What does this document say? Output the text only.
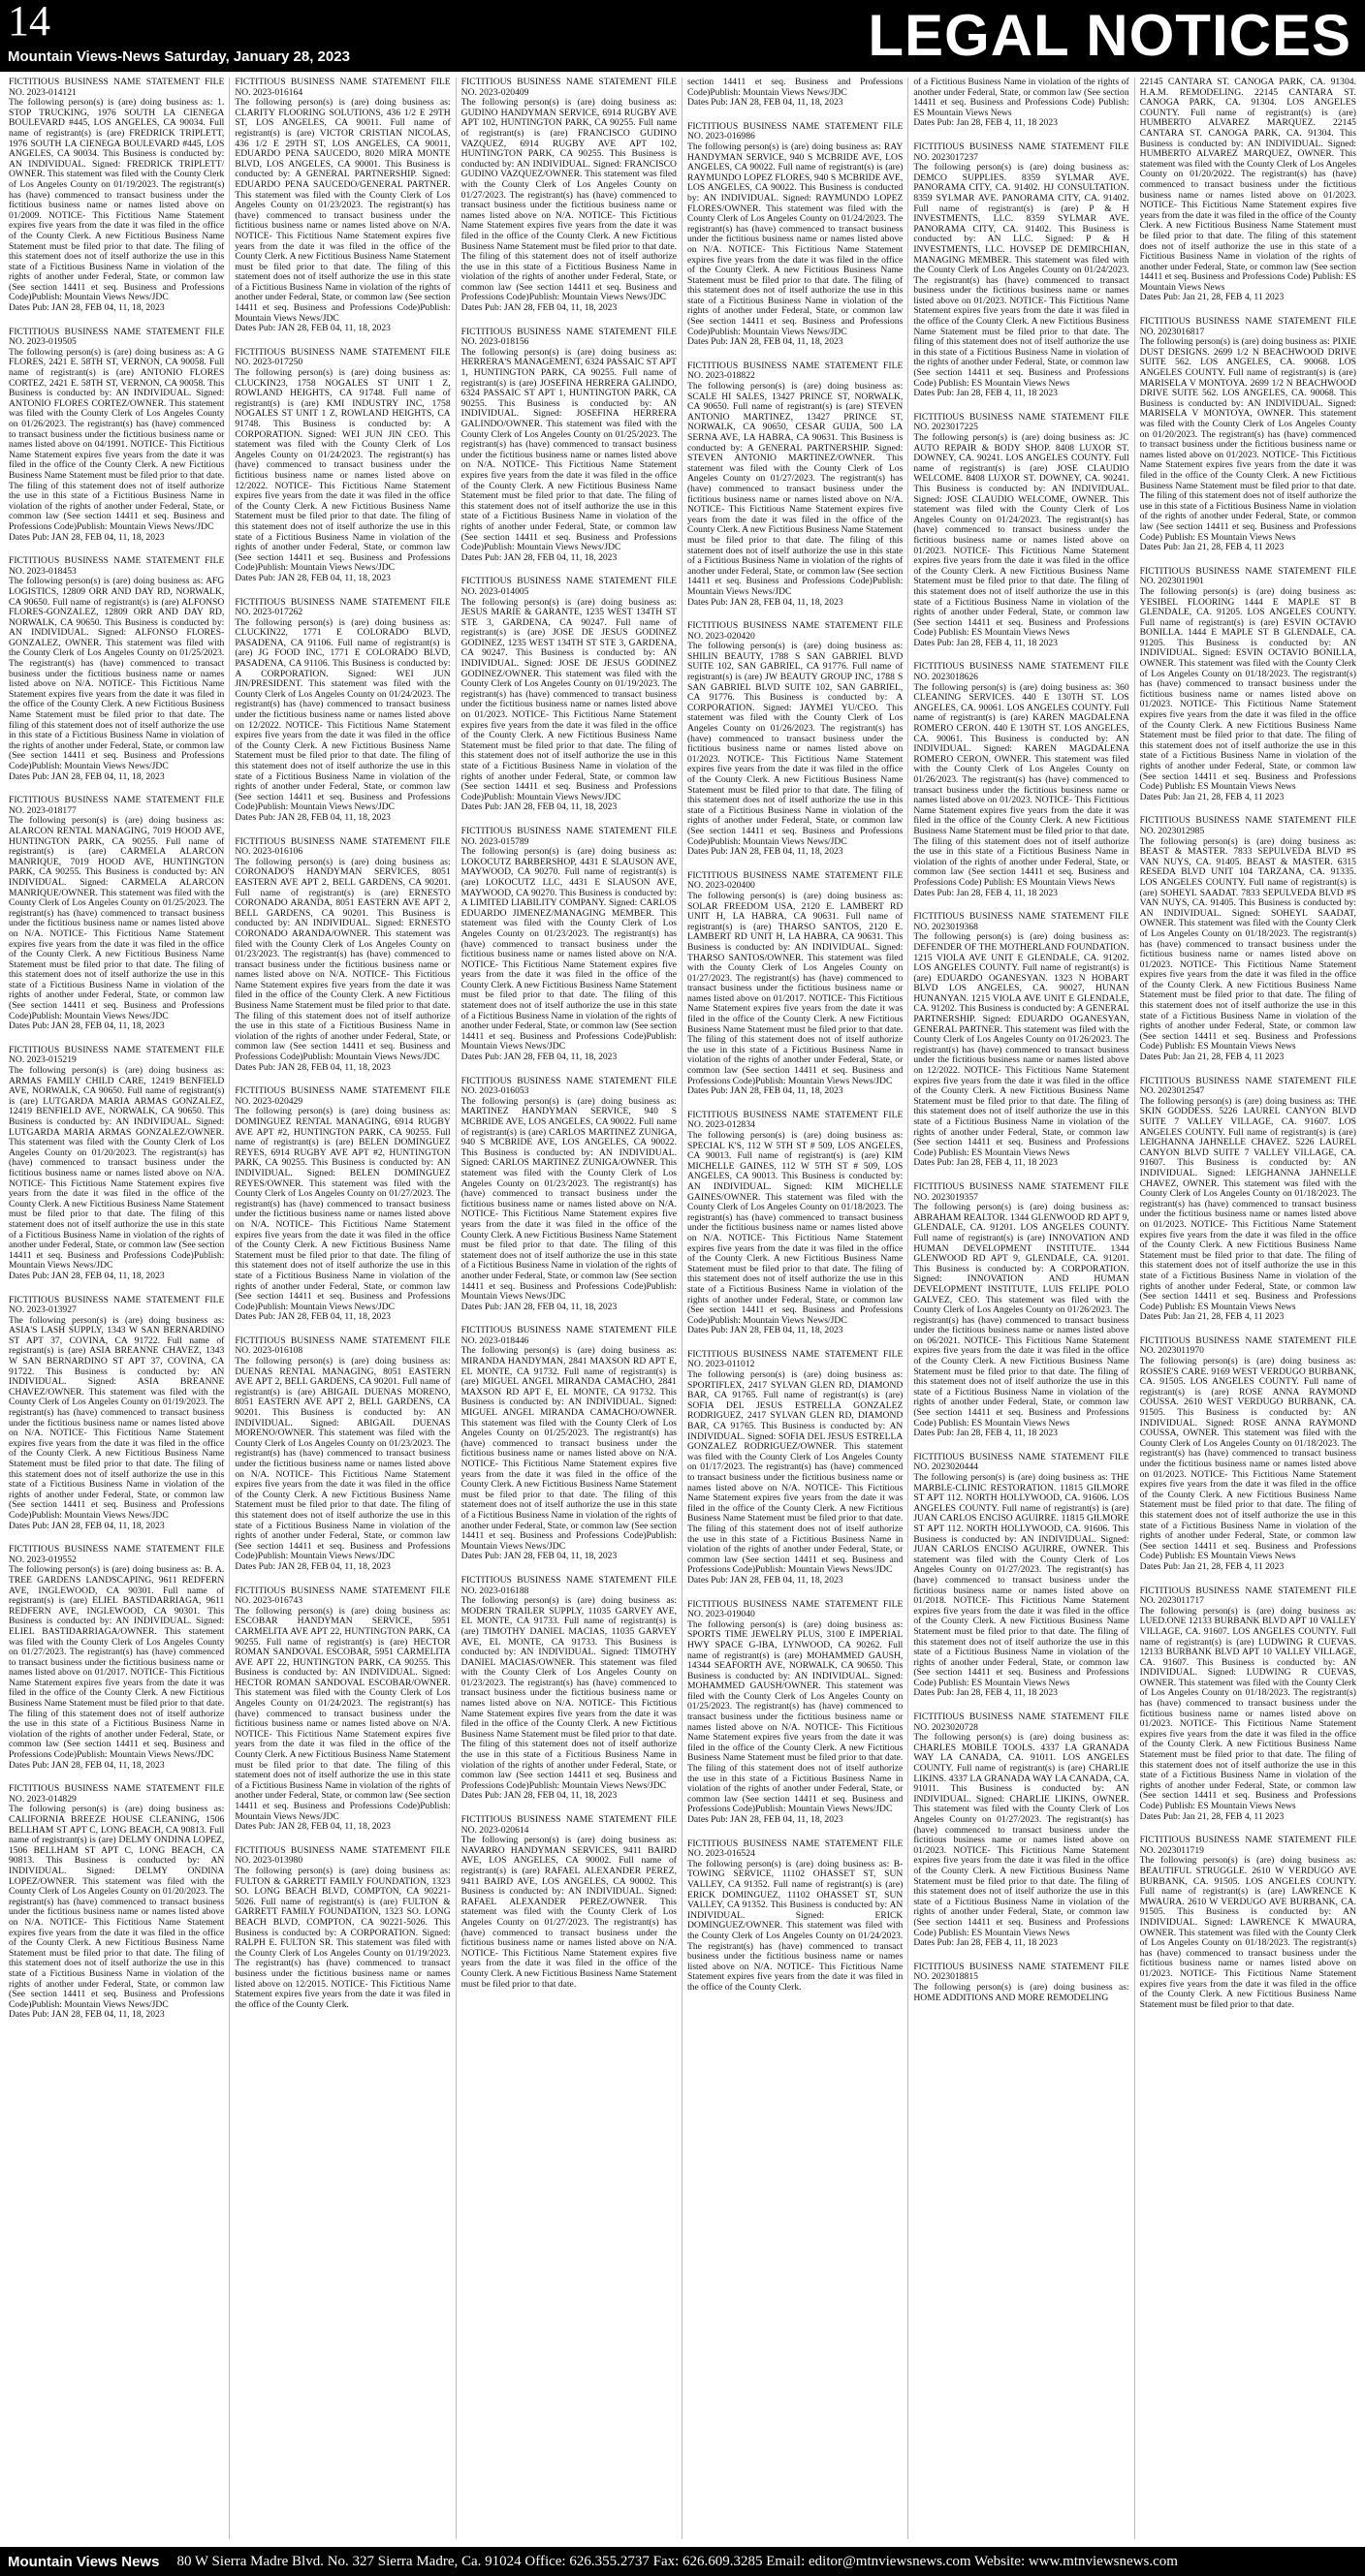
14
Mountain Views-News Saturday, January 28, 2023	LEGAL NOTICES
FICTITIOUS BUSINESS NAME STATEMENT FILE NO. 2023-014121

The following person(s) is (are) doing business as: 1. STOP TRUCKING, 1976 SOUTH LA CIENEGA BOULEVARD #445, LOS ANGELES, CA 90034. Full name of registrant(s) is (are) FREDRICK TRIPLETT, 1976 SOUTH LA CIENEGA BOULEVARD #445, LOS ANGELES, CA 90034. This Business is conducted by: AN INDIVIDUAL. Signed: FREDRICK TRIPLETT/ OWNER. This statement was filed with the County Clerk of Los Angeles County on 01/19/2023. The registrant(s) has (have) commenced to transact business under the fictitious business name or names listed above on 01/2009. NOTICE- This Fictitious Name Statement expires five years from the date it was filed in the office of the County Clerk. A new Fictitious Business Name Statement must be filed prior to that date. The filing of this statement does not of itself authorize the use in this state of a Fictitious Business Name in violation of the rights of another under Federal, State, or common law (See section 14411 et seq. Business and Professions Code)Publish: Mountain Views News/JDC

Dates Pub: JAN 28, FEB 04, 11, 18, 2023

FICTITIOUS BUSINESS NAME STATEMENT FILE NO. 2023-019505

The following person(s) is (are) doing business as: A G FLORES, 2421 E. 58TH ST, VERNON, CA 90058. Full name of registrant(s) is (are) ANTONIO FLORES CORTEZ, 2421 E. 58TH ST, VERNON, CA 90058. This Business is conducted by: AN INDIVIDUAL. Signed: ANTONIO FLORES CORTEZ/OWNER. This statement was filed with the County Clerk of Los Angeles County on 01/26/2023. The registrant(s) has (have) commenced to transact business under the fictitious business name or names listed above on 04/1991. NOTICE- This Fictitious Name Statement expires five years from the date it was filed in the office of the County Clerk. A new Fictitious Business Name Statement must be filed prior to that date. The filing of this statement does not of itself authorize the use in this state of a Fictitious Business Name in violation of the rights of another under Federal, State, or common law (See section 14411 et seq. Business and Professions Code)Publish: Mountain Views News/JDC

Dates Pub: JAN 28, FEB 04, 11, 18, 2023

FICTITIOUS BUSINESS NAME STATEMENT FILE NO. 2023-018453

The following person(s) is (are) doing business as: AFG LOGISTICS, 12809 ORR AND DAY RD, NORWALK, CA 90650. Full name of registrant(s) is (are) ALFONSO FLORES-GONZALEZ, 12809 ORR AND DAY RD, NORWALK, CA 90650. This Business is conducted by: AN INDIVIDUAL. Signed: ALFONSO FLORES-GONZALEZ, OWNER. This statement was filed with the County Clerk of Los Angeles County on 01/25/2023. The registrant(s) has (have) commenced to transact business under the fictitious business name or names listed above on N/A. NOTICE- This Fictitious Name Statement expires five years from the date it was filed in the office of the County Clerk. A new Fictitious Business Name Statement must be filed prior to that date. The filing of this statement does not of itself authorize the use in this state of a Fictitious Business Name in violation of the rights of another under Federal, State, or common law (See section 14411 et seq. Business and Professions Code)Publish: Mountain Views News/JDC

Dates Pub: JAN 28, FEB 04, 11, 18, 2023

FICTITIOUS BUSINESS NAME STATEMENT FILE NO. 2023-018177

The following person(s) is (are) doing business as: ALARCON RENTAL MANAGING, 7019 HOOD AVE, HUNTINGTON PARK, CA 90255. Full name of registrant(s) is (are) CARMELA ALARCON MANRIQUE, 7019 HOOD AVE, HUNTINGTON PARK, CA 90255. This Business is conducted by: AN INDIVIDUAL. Signed: CARMELA ALARCON MANRIQUE/OWNER. This statement was filed with the County Clerk of Los Angeles County on 01/25/2023. The registrant(s) has (have) commenced to transact business under the fictitious business name or names listed above on N/A. NOTICE- This Fictitious Name Statement expires five years from the date it was filed in the office of the County Clerk. A new Fictitious Business Name Statement must be filed prior to that date. The filing of this statement does not of itself authorize the use in this state of a Fictitious Business Name in violation of the rights of another under Federal, State, or common law (See section 14411 et seq. Business and Professions Code)Publish: Mountain Views News/JDC

Dates Pub: JAN 28, FEB 04, 11, 18, 2023

FICTITIOUS BUSINESS NAME STATEMENT FILE NO. 2023-015219

The following person(s) is (are) doing business as: ARMAS FAMILY CHILD CARE, 12419 BENFIELD AVE, NORWALK, CA 90650. Full name of registrant(s) is (are) LUTGARDA MARIA ARMAS GONZALEZ, 12419 BENFIELD AVE, NORWALK, CA 90650. This Business is conducted by: AN INDIVIDUAL. Signed: LUTGARDA MARIA ARMAS GONZALEZ/OWNER. This statement was filed with the County Clerk of Los Angeles County on 01/20/2023. The registrant(s) has (have) commenced to transact business under the fictitious business name or names listed above on N/A. NOTICE- This Fictitious Name Statement expires five years from the date it was filed in the office of the County Clerk. A new Fictitious Business Name Statement must be filed prior to that date. The filing of this statement does not of itself authorize the use in this state of a Fictitious Business Name in violation of the rights of another under Federal, State, or common law (See section 14411 et seq. Business and Professions Code)Publish: Mountain Views News/JDC

Dates Pub: JAN 28, FEB 04, 11, 18, 2023

FICTITIOUS BUSINESS NAME STATEMENT FILE NO. 2023-013927

The following person(s) is (are) doing business as: ASIA'S LASH SUPPLY, 1343 W SAN BERNARDINO ST APT 37, COVINA, CA 91722. Full name of registrant(s) is (are) ASIA BREANNE CHAVEZ, 1343 W SAN BERNARDINO ST APT 37, COVINA, CA 91722. This Business is conducted by: AN INDIVIDUAL. Signed: ASIA BREANNE CHAVEZ/OWNER. This statement was filed with the County Clerk of Los Angeles County on 01/19/2023. The registrant(s) has (have) commenced to transact business under the fictitious business name or names listed above on N/A. NOTICE- This Fictitious Name Statement expires five years from the date it was filed in the office of the County Clerk. A new Fictitious Business Name Statement must be filed prior to that date. The filing of this statement does not of itself authorize the use in this state of a Fictitious Business Name in violation of the rights of another under Federal, State, or common law (See section 14411 et seq. Business and Professions Code)Publish: Mountain Views News/JDC

Dates Pub: JAN 28, FEB 04, 11, 18, 2023

FICTITIOUS BUSINESS NAME STATEMENT FILE NO. 2023-019552

The following person(s) is (are) doing business as: B. A. TREE GARDENS LANDSCAPING, 9611 REDFERN AVE, INGLEWOOD, CA 90301. Full name of registrant(s) is (are) ELIEL BASTIDARRIAGA, 9611 REDFERN AVE, INGLEWOOD, CA 90301. This Business is conducted by: AN INDIVIDUAL. Signed: ELIEL BASTIDARRIAGA/OWNER. This statement was filed with the County Clerk of Los Angeles County on 01/27/2023. The registrant(s) has (have) commenced to transact business under the fictitious business name or names listed above on 01/2017. NOTICE- This Fictitious Name Statement expires five years from the date it was filed in the office of the County Clerk. A new Fictitious Business Name Statement must be filed prior to that date. The filing of this statement does not of itself authorize the use in this state of a Fictitious Business Name in violation of the rights of another under Federal, State, or common law (See section 14411 et seq. Business and Professions Code)Publish: Mountain Views News/JDC

Dates Pub: JAN 28, FEB 04, 11, 18, 2023

FICTITIOUS BUSINESS NAME STATEMENT FILE NO. 2023-014829

The following person(s) is (are) doing business as: CALIFORNIA BREEZE HOUSE CLEANING, 1506 BELLHAM ST APT C, LONG BEACH, CA 90813. Full name of registrant(s) is (are) DELMY ONDINA LOPEZ, 1506 BELLHAM ST APT C, LONG BEACH, CA 90813. This Business is conducted by: AN INDIVIDUAL. Signed: DELMY ONDINA LOPEZ/OWNER. This statement was filed with the County Clerk of Los Angeles County on 01/20/2023. The registrant(s) has (have) commenced to transact business under the fictitious business name or names listed above on N/A. NOTICE- This Fictitious Name Statement expires five years from the date it was filed in the office of the County Clerk. A new Fictitious Business Name Statement must be filed prior to that date. The filing of this statement does not of itself authorize the use in this state of a Fictitious Business Name in violation of the rights of another under Federal, State, or common law (See section 14411 et seq. Business and Professions Code)Publish: Mountain Views News/JDC

Dates Pub: JAN 28, FEB 04, 11, 18, 2023

FICTITIOUS BUSINESS NAME STATEMENT FILE NO. 2023-016164

The following person(s) is (are) doing business as: CLARITY FLOORING SOLUTIONS, 436 1/2 E 29TH ST, LOS ANGELES, CA 90011. Full name of registrant(s) is (are) VICTOR CRISTIAN NICOLAS, 436 1/2 E 29TH ST, LOS ANGELES, CA 90011, EDUARDO PENA SAUCEDO, 8020 MIRA MONTE BLVD, LOS ANGELES, CA 90001. This Business is conducted by: A GENERAL PARTNERSHIP. Signed: EDUARDO PENA SAUCEDO/GENERAL PARTNER. This statement was filed with the County Clerk of Los Angeles County on 01/23/2023. The registrant(s) has (have) commenced to transact business under the fictitious business name or names listed above on N/A. NOTICE- This Fictitious Name Statement expires five years from the date it was filed in the office of the County Clerk. A new Fictitious Business Name Statement must be filed prior to that date. The filing of this statement does not of itself authorize the use in this state of a Fictitious Business Name in violation of the rights of another under Federal, State, or common law (See section 14411 et seq. Business and Professions Code)Publish: Mountain Views News/JDC

Dates Pub: JAN 28, FEB 04, 11, 18, 2023

FICTITIOUS BUSINESS NAME STATEMENT FILE NO. 2023-017250

The following person(s) is (are) doing business as: CLUCKIN23, 1758 NOGALES ST UNIT 1 Z, ROWLAND HEIGHTS, CA 91748. Full name of registrant(s) is (are) KMI INDUSTRY INC, 1758 NOGALES ST UNIT 1 Z, ROWLAND HEIGHTS, CA 91748. This Business is conducted by: A CORPORATION. Signed: WEI JUN JIN CEO. This statement was filed with the County Clerk of Los Angeles County on 01/24/2023. The registrant(s) has (have) commenced to transact business under the fictitious business name or names listed above on 12/2022. NOTICE- This Fictitious Name Statement expires five years from the date it was filed in the office of the County Clerk. A new Fictitious Business Name Statement must be filed prior to that date. The filing of this statement does not of itself authorize the use in this state of a Fictitious Business Name in violation of the rights of another under Federal, State, or common law (See section 14411 et seq. Business and Professions Code)Publish: Mountain Views News/JDC

Dates Pub: JAN 28, FEB 04, 11, 18, 2023

FICTITIOUS BUSINESS NAME STATEMENT FILE NO. 2023-017262

The following person(s) is (are) doing business as: CLUCKIN22, 1771 E COLORADO BLVD, PASADENA, CA 91106. Full name of registrant(s) is (are) JG FOOD INC, 1771 E COLORADO BLVD, PASADENA, CA 91106. This Business is conducted by: A CORPORATION. Signed: WEI JUN JIN/PRESIDENT. This statement was filed with the County Clerk of Los Angeles County on 01/24/2023. The registrant(s) has (have) commenced to transact business under the fictitious business name or names listed above on 12/2022. NOTICE- This Fictitious Name Statement expires five years from the date it was filed in the office of the County Clerk. A new Fictitious Business Name Statement must be filed prior to that date. The filing of this statement does not of itself authorize the use in this state of a Fictitious Business Name in violation of the rights of another under Federal, State, or common law (See section 14411 et seq. Business and Professions Code)Publish: Mountain Views News/JDC

Dates Pub: JAN 28, FEB 04, 11, 18, 2023

FICTITIOUS BUSINESS NAME STATEMENT FILE NO. 2023-016106

The following person(s) is (are) doing business as: CORONADO'S HANDYMAN SERVICES, 8051 EASTERN AVE APT 2, BELL GARDENS, CA 90201. Full name of registrant(s) is (are) ERNESTO CORONADO ARANDA, 8051 EASTERN AVE APT 2, BELL GARDENS, CA 90201. This Business is conducted by: AN INDIVIDUAL. Signed: ERNESTO CORONADO ARANDA/OWNER. This statement was filed with the County Clerk of Los Angeles County on 01/23/2023. The registrant(s) has (have) commenced to transact business under the fictitious business name or names listed above on N/A. NOTICE- This Fictitious Name Statement expires five years from the date it was filed in the office of the County Clerk. A new Fictitious Business Name Statement must be filed prior to that date. The filing of this statement does not of itself authorize the use in this state of a Fictitious Business Name in violation of the rights of another under Federal, State, or common law (See section 14411 et seq. Business and Professions Code)Publish: Mountain Views News/JDC

Dates Pub: JAN 28, FEB 04, 11, 18, 2023

FICTITIOUS BUSINESS NAME STATEMENT FILE NO. 2023-020429

The following person(s) is (are) doing business as: DOMINGUEZ RENTAL MANAGING, 6914 RUGBY AVE APT #2, HUNTINGTON PARK, CA 90255. Full name of registrant(s) is (are) BELEN DOMINGUEZ REYES, 6914 RUGBY AVE APT #2, HUNTINGTON PARK, CA 90255. This Business is conducted by: AN INDIVIDUAL. Signed: BELEN DOMINGUEZ REYES/OWNER. This statement was filed with the County Clerk of Los Angeles County on 01/27/2023. The registrant(s) has (have) commenced to transact business under the fictitious business name or names listed above on N/A. NOTICE- This Fictitious Name Statement expires five years from the date it was filed in the office of the County Clerk. A new Fictitious Business Name Statement must be filed prior to that date. The filing of this statement does not of itself authorize the use in this state of a Fictitious Business Name in violation of the rights of another under Federal, State, or common law (See section 14411 et seq. Business and Professions Code)Publish: Mountain Views News/JDC

Dates Pub: JAN 28, FEB 04, 11, 18, 2023

FICTITIOUS BUSINESS NAME STATEMENT FILE NO. 2023-016108

The following person(s) is (are) doing business as: DUENAS RENTAL MANAGING, 8051 EASTERN AVE APT 2, BELL GARDENS, CA 90201. Full name of registrant(s) is (are) ABIGAIL DUENAS MORENO, 8051 EASTERN AVE APT 2, BELL GARDENS, CA 90201. This Business is conducted by: AN INDIVIDUAL. Signed: ABIGAIL DUENAS MORENO/OWNER. This statement was filed with the County Clerk of Los Angeles County on 01/23/2023. The registrant(s) has (have) commenced to transact business under the fictitious business name or names listed above on N/A. NOTICE- This Fictitious Name Statement expires five years from the date it was filed in the office of the County Clerk. A new Fictitious Business Name Statement must be filed prior to that date. The filing of this statement does not of itself authorize the use in this state of a Fictitious Business Name in violation of the rights of another under Federal, State, or common law (See section 14411 et seq. Business and Professions Code)Publish: Mountain Views News/JDC

Dates Pub: JAN 28, FEB 04, 11, 18, 2023

FICTITIOUS BUSINESS NAME STATEMENT FILE NO. 2023-016743

The following person(s) is (are) doing business as: ESCOBAR HANDYMAN SERVICE, 5951 CARMELITA AVE APT 22, HUNTINGTON PARK, CA 90255. Full name of registrant(s) is (are) HECTOR ROMAN SANDOVAL ESCOBAR, 5951 CARMELITA AVE APT 22, HUNTINGTON PARK, CA 90255. This Business is conducted by: AN INDIVIDUAL. Signed: HECTOR ROMAN SANDOVAL ESCOBAR/OWNER. This statement was filed with the County Clerk of Los Angeles County on 01/24/2023. The registrant(s) has (have) commenced to transact business under the fictitious business name or names listed above on N/A. NOTICE- This Fictitious Name Statement expires five years from the date it was filed in the office of the County Clerk. A new Fictitious Business Name Statement must be filed prior to that date. The filing of this statement does not of itself authorize the use in this state of a Fictitious Business Name in violation of the rights of another under Federal, State, or common law (See section 14411 et seq. Business and Professions Code)Publish: Mountain Views News/JDC

Dates Pub: JAN 28, FEB 04, 11, 18, 2023

FICTITIOUS BUSINESS NAME STATEMENT FILE NO. 2023-013980

The following person(s) is (are) doing business as: FULTON & GARRETT FAMILY FOUNDATION, 1323 SO. LONG BEACH BLVD, COMPTON, CA 90221-5026. Full name of registrant(s) is (are) FULTON & GARRETT FAMILY FOUNDATION, 1323 SO. LONG BEACH BLVD, COMPTON, CA 90221-5026. This Business is conducted by: A CORPORATION. Signed: RALPH E. FULTON SR. This statement was filed with the County Clerk of Los Angeles County on 01/19/2023. The registrant(s) has (have) commenced to transact business under the fictitious business name or names listed above on 12/2015. NOTICE- This Fictitious Name Statement expires five years from the date it was filed in the office of the County Clerk.

FICTITIOUS BUSINESS NAME STATEMENT FILE NO. 2023-020409

The following person(s) is (are) doing business as: GUDINO HANDYMAN SERVICE, 6914 RUGBY AVE APT 102, HUNTINGTON PARK, CA 90255. Full name of registrant(s) is (are) FRANCISCO GUDINO VAZQUEZ, 6914 RUGBY AVE APT 102, HUNTINGTON PARK, CA 90255. This Business is conducted by: AN INDIVIDUAL. Signed: FRANCISCO GUDINO VAZQUEZ/OWNER. This statement was filed with the County Clerk of Los Angeles County on 01/27/2023. The registrant(s) has (have) commenced to transact business under the fictitious business name or names listed above on N/A. NOTICE- This Fictitious Name Statement expires five years from the date it was filed in the office of the County Clerk. A new Fictitious Business Name Statement must be filed prior to that date. The filing of this statement does not of itself authorize the use in this state of a Fictitious Business Name in violation of the rights of another under Federal, State, or common law (See section 14411 et seq. Business and Professions Code)Publish: Mountain Views News/JDC

Dates Pub: JAN 28, FEB 04, 11, 18, 2023

FICTITIOUS BUSINESS NAME STATEMENT FILE NO. 2023-018156

The following person(s) is (are) doing business as: HERRERA'S MANAGEMENT, 6324 PASSAIC ST APT 1, HUNTINGTON PARK, CA 90255. Full name of registrant(s) is (are) JOSEFINA HERRERA GALINDO, 6324 PASSAIC ST APT 1, HUNTINGTON PARK, CA 90255. This Business is conducted by: AN INDIVIDUAL. Signed: JOSEFINA HERRERA GALINDO/OWNER. This statement was filed with the County Clerk of Los Angeles County on 01/25/2023. The registrant(s) has (have) commenced to transact business under the fictitious business name or names listed above on N/A. NOTICE- This Fictitious Name Statement expires five years from the date it was filed in the office of the County Clerk. A new Fictitious Business Name Statement must be filed prior to that date. The filing of this statement does not of itself authorize the use in this state of a Fictitious Business Name in violation of the rights of another under Federal, State, or common law (See section 14411 et seq. Business and Professions Code)Publish: Mountain Views News/JDC

Dates Pub: JAN 28, FEB 04, 11, 18, 2023

FICTITIOUS BUSINESS NAME STATEMENT FILE NO. 2023-014005

The following person(s) is (are) doing business as: JESUS MARIE & GARANTE, 1235 WEST 134TH ST STE 3, GARDENA, CA 90247. Full name of registrant(s) is (are) JOSE DE JESUS GODINEZ GODINEZ, 1235 WEST 134TH ST STE 3, GARDENA, CA 90247. This Business is conducted by: AN INDIVIDUAL. Signed: JOSE DE JESUS GODINEZ GODINEZ/OWNER. This statement was filed with the County Clerk of Los Angeles County on 01/19/2023. The registrant(s) has (have) commenced to transact business under the fictitious business name or names listed above on 01/2023. NOTICE- This Fictitious Name Statement expires five years from the date it was filed in the office of the County Clerk. A new Fictitious Business Name Statement must be filed prior to that date. The filing of this statement does not of itself authorize the use in this state of a Fictitious Business Name in violation of the rights of another under Federal, State, or common law (See section 14411 et seq. Business and Professions Code)Publish: Mountain Views News/JDC

Dates Pub: JAN 28, FEB 04, 11, 18, 2023

FICTITIOUS BUSINESS NAME STATEMENT FILE NO. 2023-015789

The following person(s) is (are) doing business as: LOKOCUTZ BARBERSHOP, 4431 E SLAUSON AVE, MAYWOOD, CA 90270. Full name of registrant(s) is (are) LOKOCUTZ LLC, 4431 E SLAUSON AVE, MAYWOOD, CA 90270. This Business is conducted by: A LIMITED LIABILITY COMPANY. Signed: CARLOS EDUARDO JIMENEZ/MANAGING MEMBER. This statement was filed with the County Clerk of Los Angeles County on 01/23/2023. The registrant(s) has (have) commenced to transact business under the fictitious business name or names listed above on N/A. NOTICE- This Fictitious Name Statement expires five years from the date it was filed in the office of the County Clerk. A new Fictitious Business Name Statement must be filed prior to that date. The filing of this statement does not of itself authorize the use in this state of a Fictitious Business Name in violation of the rights of another under Federal, State, or common law (See section 14411 et seq. Business and Professions Code)Publish: Mountain Views News/JDC

Dates Pub: JAN 28, FEB 04, 11, 18, 2023

FICTITIOUS BUSINESS NAME STATEMENT FILE NO. 2023-016053

The following person(s) is (are) doing business as: MARTINEZ HANDYMAN SERVICE, 940 S MCBRIDE AVE, LOS ANGELES, CA 90022. Full name of registrant(s) is (are) CARLOS MARTINEZ ZUNIGA, 940 S MCBRIDE AVE, LOS ANGELES, CA 90022. This Business is conducted by: AN INDIVIDUAL. Signed: CARLOS MARTINEZ ZUNIGA/OWNER. This statement was filed with the County Clerk of Los Angeles County on 01/23/2023. The registrant(s) has (have) commenced to transact business under the fictitious business name or names listed above on N/A. NOTICE- This Fictitious Name Statement expires five years from the date it was filed in the office of the County Clerk. A new Fictitious Business Name Statement must be filed prior to that date. The filing of this statement does not of itself authorize the use in this state of a Fictitious Business Name in violation of the rights of another under Federal, State, or common law (See section 14411 et seq. Business and Professions Code)Publish: Mountain Views News/JDC

Dates Pub: JAN 28, FEB 04, 11, 18, 2023

FICTITIOUS BUSINESS NAME STATEMENT FILE NO. 2023-018446

The following person(s) is (are) doing business as: MIRANDA HANDYMAN, 2841 MAXSON RD APT E, EL MONTE, CA 91732. Full name of registrant(s) is (are) MIGUEL ANGEL MIRANDA CAMACHO, 2841 MAXSON RD APT E, EL MONTE, CA 91732. This Business is conducted by: AN INDIVIDUAL. Signed: MIGUEL ANGEL MIRANDA CAMACHO/OWNER. This statement was filed with the County Clerk of Los Angeles County on 01/25/2023. The registrant(s) has (have) commenced to transact business under the fictitious business name or names listed above on N/A. NOTICE- This Fictitious Name Statement expires five years from the date it was filed in the office of the County Clerk. A new Fictitious Business Name Statement must be filed prior to that date. The filing of this statement does not of itself authorize the use in this state of a Fictitious Business Name in violation of the rights of another under Federal, State, or common law (See section 14411 et seq. Business and Professions Code)Publish: Mountain Views News/JDC

Dates Pub: JAN 28, FEB 04, 11, 18, 2023

FICTITIOUS BUSINESS NAME STATEMENT FILE NO. 2023-016188

The following person(s) is (are) doing business as: MODERN TRAILER SUPPLY, 11035 GARVEY AVE, EL MONTE, CA 91733. Full name of registrant(s) is (are) TIMOTHY DANIEL MACIAS, 11035 GARVEY AVE, EL MONTE, CA 91733. This Business is conducted by: AN INDIVIDUAL. Signed: TIMOTHY DANIEL MACIAS/OWNER. This statement was filed with the County Clerk of Los Angeles County on 01/23/2023. The registrant(s) has (have) commenced to transact business under the fictitious business name or names listed above on N/A. NOTICE- This Fictitious Name Statement expires five years from the date it was filed in the office of the County Clerk. A new Fictitious Business Name Statement must be filed prior to that date. The filing of this statement does not of itself authorize the use in this state of a Fictitious Business Name in violation of the rights of another under Federal, State, or common law (See section 14411 et seq. Business and Professions Code)Publish: Mountain Views News/JDC

Dates Pub: JAN 28, FEB 04, 11, 18, 2023

FICTITIOUS BUSINESS NAME STATEMENT FILE NO. 2023-020614

The following person(s) is (are) doing business as: NAVARRO HANDYMAN SERVICES, 9411 BAIRD AVE, LOS ANGELES, CA 90002. Full name of registrant(s) is (are) RAFAEL ALEXANDER PEREZ, 9411 BAIRD AVE, LOS ANGELES, CA 90002. This Business is conducted by: AN INDIVIDUAL. Signed: RAFAEL ALEXANDER PEREZ/OWNER. This statement was filed with the County Clerk of Los Angeles County on 01/27/2023. The registrant(s) has (have) commenced to transact business under the fictitious business name or names listed above on N/A. NOTICE- This Fictitious Name Statement expires five years from the date it was filed in the office of the County Clerk. A new Fictitious Business Name Statement must be filed prior to that date.

section 14411 et seq. Business and Professions Code)Publish: Mountain Views News/JDC

Dates Pub: JAN 28, FEB 04, 11, 18, 2023

FICTITIOUS BUSINESS NAME STATEMENT FILE NO. 2023-016986

The following person(s) is (are) doing business as: RAY HANDYMAN SERVICE, 940 S MCBRIDE AVE, LOS ANGELES, CA 90022. Full name of registrant(s) is (are) RAYMUNDO LOPEZ FLORES, 940 S MCBRIDE AVE, LOS ANGELES, CA 90022. This Business is conducted by: AN INDIVIDUAL. Signed: RAYMUNDO LOPEZ FLORES/OWNER. This statement was filed with the County Clerk of Los Angeles County on 01/24/2023. The registrant(s) has (have) commenced to transact business under the fictitious business name or names listed above on N/A. NOTICE- This Fictitious Name Statement expires five years from the date it was filed in the office of the County Clerk. A new Fictitious Business Name Statement must be filed prior to that date. The filing of this statement does not of itself authorize the use in this state of a Fictitious Business Name in violation of the rights of another under Federal, State, or common law (See section 14411 et seq. Business and Professions Code)Publish: Mountain Views News/JDC

Dates Pub: JAN 28, FEB 04, 11, 18, 2023

FICTITIOUS BUSINESS NAME STATEMENT FILE NO. 2023-018822

The following person(s) is (are) doing business as: SCALE HI SALES, 13427 PRINCE ST, NORWALK, CA 90650. Full name of registrant(s) is (are) STEVEN ANTONIO MARTINEZ, 13427 PRINCE ST, NORWALK, CA 90650, CESAR GUIJA, 500 LA SERNA AVE, LA HABRA, CA 90631. This Business is conducted by: A GENERAL PARTNERSHIP. Signed: STEVEN ANTONIO MARTINEZ/OWNER. This statement was filed with the County Clerk of Los Angeles County on 01/27/2023. The registrant(s) has (have) commenced to transact business under the fictitious business name or names listed above on N/A. NOTICE- This Fictitious Name Statement expires five years from the date it was filed in the office of the County Clerk. A new Fictitious Business Name Statement must be filed prior to that date. The filing of this statement does not of itself authorize the use in this state of a Fictitious Business Name in violation of the rights of another under Federal, State, or common law (See section 14411 et seq. Business and Professions Code)Publish: Mountain Views News/JDC

Dates Pub: JAN 28, FEB 04, 11, 18, 2023

FICTITIOUS BUSINESS NAME STATEMENT FILE NO. 2023-020420

The following person(s) is (are) doing business as: SHILIN BEAUTY, 1788 S SAN GABRIEL BLVD SUITE 102, SAN GABRIEL, CA 91776. Full name of registrant(s) is (are) JW BEAUTY GROUP INC, 1788 S SAN GABRIEL BLVD SUITE 102, SAN GABRIEL, CA 91776. This Business is conducted by: A CORPORATION. Signed: JAYMEI YU/CEO. This statement was filed with the County Clerk of Los Angeles County on 01/26/2023. The registrant(s) has (have) commenced to transact business under the fictitious business name or names listed above on 01/2023. NOTICE- This Fictitious Name Statement expires five years from the date it was filed in the office of the County Clerk. A new Fictitious Business Name Statement must be filed prior to that date. The filing of this statement does not of itself authorize the use in this state of a Fictitious Business Name in violation of the rights of another under Federal, State, or common law (See section 14411 et seq. Business and Professions Code)Publish: Mountain Views News/JDC

Dates Pub: JAN 28, FEB 04, 11, 18, 2023

FICTITIOUS BUSINESS NAME STATEMENT FILE NO. 2023-020400

The following person(s) is (are) doing business as: SOLAR FREEDOM USA, 2120 E. LAMBERT RD UNIT H, LA HABRA, CA 90631. Full name of registrant(s) is (are) THARSO SANTOS, 2120 E. LAMBERT RD UNIT H, LA HABRA, CA 90631. This Business is conducted by: AN INDIVIDUAL. Signed: THARSO SANTOS/OWNER. This statement was filed with the County Clerk of Los Angeles County on 01/27/2023. The registrant(s) has (have) commenced to transact business under the fictitious business name or names listed above on 01/2017. NOTICE- This Fictitious Name Statement expires five years from the date it was filed in the office of the County Clerk. A new Fictitious Business Name Statement must be filed prior to that date. The filing of this statement does not of itself authorize the use in this state of a Fictitious Business Name in violation of the rights of another under Federal, State, or common law (See section 14411 et seq. Business and Professions Code)Publish: Mountain Views News/JDC

Dates Pub: JAN 28, FEB 04, 11, 18, 2023

FICTITIOUS BUSINESS NAME STATEMENT FILE NO. 2023-012834

The following person(s) is (are) doing business as: SPECIAL K'S, 112 W 5TH ST # 509, LOS ANGELES, CA 90013. Full name of registrant(s) is (are) KIM MICHELLE GAINES, 112 W 5TH ST # 509, LOS ANGELES, CA 90013. This Business is conducted by: AN INDIVIDUAL. Signed: KIM MICHELLE GAINES/OWNER. This statement was filed with the County Clerk of Los Angeles County on 01/18/2023. The registrant(s) has (have) commenced to transact business under the fictitious business name or names listed above on N/A. NOTICE- This Fictitious Name Statement expires five years from the date it was filed in the office of the County Clerk. A new Fictitious Business Name Statement must be filed prior to that date. The filing of this statement does not of itself authorize the use in this state of a Fictitious Business Name in violation of the rights of another under Federal, State, or common law (See section 14411 et seq. Business and Professions Code)Publish: Mountain Views News/JDC

Dates Pub: JAN 28, FEB 04, 11, 18, 2023

FICTITIOUS BUSINESS NAME STATEMENT FILE NO. 2023-011012

The following person(s) is (are) doing business as: SPORTIFLEX, 2417 SYLVAN GLEN RD, DIAMOND BAR, CA 91765. Full name of registrant(s) is (are) SOFIA DEL JESUS ESTRELLA GONZALEZ RODRIGUEZ, 2417 SYLVAN GLEN RD, DIAMOND BAR, CA 91765. This Business is conducted by: AN INDIVIDUAL. Signed: SOFIA DEL JESUS ESTRELLA GONZALEZ RODRIGUEZ/OWNER. This statement was filed with the County Clerk of Los Angeles County on 01/17/2023. The registrant(s) has (have) commenced to transact business under the fictitious business name or names listed above on N/A. NOTICE- This Fictitious Name Statement expires five years from the date it was filed in the office of the County Clerk. A new Fictitious Business Name Statement must be filed prior to that date. The filing of this statement does not of itself authorize the use in this state of a Fictitious Business Name in violation of the rights of another under Federal, State, or common law (See section 14411 et seq. Business and Professions Code)Publish: Mountain Views News/JDC

Dates Pub: JAN 28, FEB 04, 11, 18, 2023

FICTITIOUS BUSINESS NAME STATEMENT FILE NO. 2023-019040

The following person(s) is (are) doing business as: SPORTS TIME JEWELRY PLUS, 3100 E IMPERIAL HWY SPACE G-IBA, LYNWOOD, CA 90262. Full name of registrant(s) is (are) MOHAMMED GAUSH, 14344 SEAFORTH AVE, NORWALK, CA 90650. This Business is conducted by: AN INDIVIDUAL. Signed: MOHAMMED GAUSH/OWNER. This statement was filed with the County Clerk of Los Angeles County on 01/25/2023. The registrant(s) has (have) commenced to transact business under the fictitious business name or names listed above on N/A. NOTICE- This Fictitious Name Statement expires five years from the date it was filed in the office of the County Clerk. A new Fictitious Business Name Statement must be filed prior to that date. The filing of this statement does not of itself authorize the use in this state of a Fictitious Business Name in violation of the rights of another under Federal, State, or common law (See section 14411 et seq. Business and Professions Code)Publish: Mountain Views News/JDC

Dates Pub: JAN 28, FEB 04, 11, 18, 2023

FICTITIOUS BUSINESS NAME STATEMENT FILE NO. 2023-016524

The following person(s) is (are) doing business as: B-TOWING SERVICE, 11102 OHASSET ST, SUN VALLEY, CA 91352. Full name of registrant(s) is (are) ERICK DOMINGUEZ, 11102 OHASSET ST, SUN VALLEY, CA 91352. This Business is conducted by: AN INDIVIDUAL. Signed: ERICK DOMINGUEZ/OWNER. This statement was filed with the County Clerk of Los Angeles County on 01/24/2023. The registrant(s) has (have) commenced to transact business under the fictitious business name or names listed above on N/A. NOTICE- This Fictitious Name Statement expires five years from the date it was filed in the office of the County Clerk.

of a Fictitious Business Name in violation of the rights of another under Federal, State, or common law (See section 14411 et seq. Business and Professions Code) Publish: ES Mountain Views News

Dates Pub: Jan 28, FEB 4, 11, 18 2023

FICTITIOUS BUSINESS NAME STATEMENT FILE NO. 2023017237

The following person(s) is (are) doing business as: DEMCO SUPPLIES. 8359 SYLMAR AVE. PANORAMA CITY, CA. 91402. HJ CONSULTATION. 8359 SYLMAR AVE. PANORAMA CITY, CA. 91402. Full name of registrant(s) is (are) P & H INVESTMENTS, LLC. 8359 SYLMAR AVE. PANORAMA CITY, CA. 91402. This Business is conducted by: AN LLC. Signed: P & H INVESTMENTS, LLC. HOVSEP DE DEMIRCHIAN, MANAGING MEMBER. This statement was filed with the County Clerk of Los Angeles County on 01/24/2023. The registrant(s) has (have) commenced to transact business under the fictitious business name or names listed above on 01/2023. NOTICE- This Fictitious Name Statement expires five years from the date it was filed in the office of the County Clerk. A new Fictitious Business Name Statement must be filed prior to that date. The filing of this statement does not of itself authorize the use in this state of a Fictitious Business Name in violation of the rights of another under Federal, State, or common law (See section 14411 et seq. Business and Professions Code) Publish: ES Mountain Views News

Dates Pub: Jan 28, FEB 4, 11, 18 2023

FICTITIOUS BUSINESS NAME STATEMENT FILE NO. 2023017225

The following person(s) is (are) doing business as: JC AUTO REPAIR & BODY SHOP. 8408 LUXOR ST. DOWNEY, CA. 90241. LOS ANGELES COUNTY. Full name of registrant(s) is (are) JOSE CLAUDIO WELCOME. 8408 LUXOR ST. DOWNEY, CA. 90241. This Business is conducted by: AN INDIVIDUAL. Signed: JOSE CLAUDIO WELCOME, OWNER. This statement was filed with the County Clerk of Los Angeles County on 01/24/2023. The registrant(s) has (have) commenced to transact business under the fictitious business name or names listed above on 01/2023. NOTICE- This Fictitious Name Statement expires five years from the date it was filed in the office of the County Clerk. A new Fictitious Business Name Statement must be filed prior to that date. The filing of this statement does not of itself authorize the use in this state of a Fictitious Business Name in violation of the rights of another under Federal, State, or common law (See section 14411 et seq. Business and Professions Code) Publish: ES Mountain Views News

Dates Pub: Jan 28, FEB 4, 11, 18 2023

FICTITIOUS BUSINESS NAME STATEMENT FILE NO. 2023018626

The following person(s) is (are) doing business as: 360 CLEANING SERVICES. 440 E 130TH ST. LOS ANGELES, CA. 90061. LOS ANGELES COUNTY. Full name of registrant(s) is (are) KAREN MAGDALENA ROMERO CERON. 440 E 130TH ST. LOS ANGELES, CA. 90061. This Business is conducted by: AN INDIVIDUAL. Signed: KAREN MAGDALENA ROMERO CERON, OWNER. This statement was filed with the County Clerk of Los Angeles County on 01/26/2023. The registrant(s) has (have) commenced to transact business under the fictitious business name or names listed above on 01/2023. NOTICE- This Fictitious Name Statement expires five years from the date it was filed in the office of the County Clerk. A new Fictitious Business Name Statement must be filed prior to that date. The filing of this statement does not of itself authorize the use in this state of a Fictitious Business Name in violation of the rights of another under Federal, State, or common law (See section 14411 et seq. Business and Professions Code) Publish: ES Mountain Views News

Dates Pub: Jan 28, FEB 4, 11, 18 2023

FICTITIOUS BUSINESS NAME STATEMENT FILE NO. 2023019368

The following person(s) is (are) doing business as: DEFENDER OF THE MOTHERLAND FOUNDATION. 1215 VIOLA AVE UNIT E GLENDALE, CA. 91202. LOS ANGELES COUNTY. Full name of registrant(s) is (are) EDUARDO OGANESYAN. 1323 N HOBART BLVD LOS ANGELES, CA. 90027, HUNAN HUNANYAN. 1215 VIOLA AVE UNIT E GLENDALE, CA. 91202. This Business is conducted by: A GENERAL PARTNERSHIP. Signed: EDUARDO OGANESYAN, GENERAL PARTNER. This statement was filed with the County Clerk of Los Angeles County on 01/26/2023. The registrant(s) has (have) commenced to transact business under the fictitious business name or names listed above on 12/2022. NOTICE- This Fictitious Name Statement expires five years from the date it was filed in the office of the County Clerk. A new Fictitious Business Name Statement must be filed prior to that date. The filing of this statement does not of itself authorize the use in this state of a Fictitious Business Name in violation of the rights of another under Federal, State, or common law (See section 14411 et seq. Business and Professions Code) Publish: ES Mountain Views News

Dates Pub: Jan 28, FEB 4, 11, 18 2023

FICTITIOUS BUSINESS NAME STATEMENT FILE NO. 2023019357

The following person(s) is (are) doing business as: ABRAHAM REALTOR. 1344 GLENWOOD RD APT 9, GLENDALE, CA. 91201. LOS ANGELES COUNTY. Full name of registrant(s) is (are) INNOVATION AND HUMAN DEVELOPMENT INSTITUTE. 1344 GLENWOOD RD APT 9, GLENDALE, CA. 91201. This Business is conducted by: A CORPORATION. Signed: INNOVATION AND HUMAN DEVELOPMENT INSTITUTE, LUIS FELIPE POLO GALVEZ, CEO. This statement was filed with the County Clerk of Los Angeles County on 01/26/2023. The registrant(s) has (have) commenced to transact business under the fictitious business name or names listed above on 06/2021. NOTICE- This Fictitious Name Statement expires five years from the date it was filed in the office of the County Clerk. A new Fictitious Business Name Statement must be filed prior to that date. The filing of this statement does not of itself authorize the use in this state of a Fictitious Business Name in violation of the rights of another under Federal, State, or common law (See section 14411 et seq. Business and Professions Code) Publish: ES Mountain Views News

Dates Pub: Jan 28, FEB 4, 11, 18 2023

FICTITIOUS BUSINESS NAME STATEMENT FILE NO. 2023020444

The following person(s) is (are) doing business as: THE MARBLE-CLINIC RESTORATION. 11815 GILMORE ST APT 112. NORTH HOLLYWOOD, CA. 91606. LOS ANGELES COUNTY. Full name of registrant(s) is (are) JUAN CARLOS ENCISO AGUIRRE. 11815 GILMORE ST APT 112. NORTH HOLLYWOOD, CA. 91606. This Business is conducted by: AN INDIVIDUAL. Signed: JUAN CARLOS ENCISO AGUIRRE, OWNER. This statement was filed with the County Clerk of Los Angeles County on 01/27/2023. The registrant(s) has (have) commenced to transact business under the fictitious business name or names listed above on 01/2018. NOTICE- This Fictitious Name Statement expires five years from the date it was filed in the office of the County Clerk. A new Fictitious Business Name Statement must be filed prior to that date. The filing of this statement does not of itself authorize the use in this state of a Fictitious Business Name in violation of the rights of another under Federal, State, or common law (See section 14411 et seq. Business and Professions Code) Publish: ES Mountain Views News

Dates Pub: Jan 28, FEB 4, 11, 18 2023

FICTITIOUS BUSINESS NAME STATEMENT FILE NO. 2023020728

The following person(s) is (are) doing business as: CHARLES MOBILE TOOLS. 4337 LA GRANADA WAY LA CANADA, CA. 91011. LOS ANGELES COUNTY. Full name of registrant(s) is (are) CHARLIE LIKINS. 4337 LA GRANADA WAY LA CANADA, CA. 91011. This Business is conducted by: AN INDIVIDUAL. Signed: CHARLIE LIKINS, OWNER. This statement was filed with the County Clerk of Los Angeles County on 01/27/2023. The registrant(s) has (have) commenced to transact business under the fictitious business name or names listed above on 01/2023. NOTICE- This Fictitious Name Statement expires five years from the date it was filed in the office of the County Clerk. A new Fictitious Business Name Statement must be filed prior to that date. The filing of this statement does not of itself authorize the use in this state of a Fictitious Business Name in violation of the rights of another under Federal, State, or common law (See section 14411 et seq. Business and Professions Code) Publish: ES Mountain Views News

Dates Pub: Jan 28, FEB 4, 11, 18 2023

FICTITIOUS BUSINESS NAME STATEMENT FILE NO. 2023018815

The following person(s) is (are) doing business as: HOME ADDITIONS AND MORE REMODELING

22145 CANTARA ST. CANOGA PARK, CA. 91304. H.A.M. REMODELING. 22145 CANTARA ST. CANOGA PARK, CA. 91304. LOS ANGELES COUNTY. Full name of registrant(s) is (are) HUMBERTO ALVAREZ MARQUEZ. 22145 CANTARA ST. CANOGA PARK, CA. 91304. This Business is conducted by: AN INDIVIDUAL. Signed: HUMBERTO ALVAREZ MARQUEZ, OWNER. This statement was filed with the County Clerk of Los Angeles County on 01/20/2022. The registrant(s) has (have) commenced to transact business under the fictitious business name or names listed above on 01/2023. NOTICE- This Fictitious Name Statement expires five years from the date it was filed in the office of the County Clerk. A new Fictitious Business Name Statement must be filed prior to that date. The filing of this statement does not of itself authorize the use in this state of a Fictitious Business Name in violation of the rights of another under Federal, State, or common law (See section 14411 et seq. Business and Professions Code) Publish: ES Mountain Views News

Dates Pub: Jan 21, 28, FEB 4, 11 2023

FICTITIOUS BUSINESS NAME STATEMENT FILE NO. 2023016817

The following person(s) is (are) doing business as: PIXIE DUST DESIGNS. 2699 1/2 N BEACHWOOD DRIVE SUITE 562. LOS ANGELES, CA. 90068. LOS ANGELES COUNTY. Full name of registrant(s) is (are) MARISELA V MONTOYA. 2699 1/2 N BEACHWOOD DRIVE SUITE 562. LOS ANGELES, CA. 90068. This Business is conducted by: AN INDIVIDUAL. Signed: MARISELA V MONTOYA, OWNER. This statement was filed with the County Clerk of Los Angeles County on 01/20/2023. The registrant(s) has (have) commenced to transact business under the fictitious business name or names listed above on 01/2023. NOTICE- This Fictitious Name Statement expires five years from the date it was filed in the office of the County Clerk. A new Fictitious Business Name Statement must be filed prior to that date. The filing of this statement does not of itself authorize the use in this state of a Fictitious Business Name in violation of the rights of another under Federal, State, or common law (See section 14411 et seq. Business and Professions Code) Publish: ES Mountain Views News

Dates Pub: Jan 21, 28, FEB 4, 11 2023

FICTITIOUS BUSINESS NAME STATEMENT FILE NO. 2023011901

The following person(s) is (are) doing business as: YESIBEL FLOORING 1444 E MAPLE ST B GLENDALE, CA. 91205. LOS ANGELES COUNTY. Full name of registrant(s) is (are) ESVIN OCTAVIO BONILLA. 1444 E MAPLE ST B GLENDALE, CA. 91205. This Business is conducted by: AN INDIVIDUAL. Signed: ESVIN OCTAVIO BONILLA, OWNER. This statement was filed with the County Clerk of Los Angeles County on 01/18/2023. The registrant(s) has (have) commenced to transact business under the fictitious business name or names listed above on 01/2023. NOTICE- This Fictitious Name Statement expires five years from the date it was filed in the office of the County Clerk. A new Fictitious Business Name Statement must be filed prior to that date. The filing of this statement does not of itself authorize the use in this state of a Fictitious Business Name in violation of the rights of another under Federal, State, or common law (See section 14411 et seq. Business and Professions Code) Publish: ES Mountain Views News

Dates Pub: Jan 21, 28, FEB 4, 11 2023

FICTITIOUS BUSINESS NAME STATEMENT FILE NO. 2023012985

The following person(s) is (are) doing business as: BEAST & MASTER. 7833 SEPULVEDA BLVD #S VAN NUYS, CA. 91405. BEAST & MASTER. 6315 RESEDA BLVD UNIT 104 TARZANA, CA. 91335. LOS ANGELES COUNTY. Full name of registrant(s) is (are) SOHEYL SAADAT. 7833 SEPULVEDA BLVD #S VAN NUYS, CA. 91405. This Business is conducted by: AN INDIVIDUAL. Signed: SOHEYL SAADAT, OWNER. This statement was filed with the County Clerk of Los Angeles County on 01/18/2023. The registrant(s) has (have) commenced to transact business under the fictitious business name or names listed above on 01/2023. NOTICE- This Fictitious Name Statement expires five years from the date it was filed in the office of the County Clerk. A new Fictitious Business Name Statement must be filed prior to that date. The filing of this statement does not of itself authorize the use in this state of a Fictitious Business Name in violation of the rights of another under Federal, State, or common law (See section 14411 et seq. Business and Professions Code) Publish: ES Mountain Views News

Dates Pub: Jan 21, 28, FEB 4, 11 2023

FICTITIOUS BUSINESS NAME STATEMENT FILE NO. 2023012547

The following person(s) is (are) doing business as: THE SKIN GODDESS. 5226 LAUREL CANYON BLVD SUITE 7 VALLEY VILLAGE, CA. 91607. LOS ANGELES COUNTY. Full name of registrant(s) is (are) LEIGHANNA JAHNELLE CHAVEZ. 5226 LAUREL CANYON BLVD SUITE 7 VALLEY VILLAGE, CA. 91607. This Business is conducted by: AN INDIVIDUAL. Signed: LEIGHANNA JAHNELLE CHAVEZ, OWNER. This statement was filed with the County Clerk of Los Angeles County on 01/18/2023. The registrant(s) has (have) commenced to transact business under the fictitious business name or names listed above on 01/2023. NOTICE- This Fictitious Name Statement expires five years from the date it was filed in the office of the County Clerk. A new Fictitious Business Name Statement must be filed prior to that date. The filing of this statement does not of itself authorize the use in this state of a Fictitious Business Name in violation of the rights of another under Federal, State, or common law (See section 14411 et seq. Business and Professions Code) Publish: ES Mountain Views News

Dates Pub: Jan 21, 28, FEB 4, 11 2023

FICTITIOUS BUSINESS NAME STATEMENT FILE NO. 2023011970

The following person(s) is (are) doing business as: ROSSIE'S CARE. 9169 WEST VERDUGO BURBANK, CA. 91505. LOS ANGELES COUNTY. Full name of registrant(s) is (are) ROSE ANNA RAYMOND COUSSA. 2610 WEST VERDUGO BURBANK, CA. 91505. This Business is conducted by: AN INDIVIDUAL. Signed: ROSE ANNA RAYMOND COUSSA, OWNER. This statement was filed with the County Clerk of Los Angeles County on 01/18/2023. The registrant(s) has (have) commenced to transact business under the fictitious business name or names listed above on 01/2023. NOTICE- This Fictitious Name Statement expires five years from the date it was filed in the office of the County Clerk. A new Fictitious Business Name Statement must be filed prior to that date. The filing of this statement does not of itself authorize the use in this state of a Fictitious Business Name in violation of the rights of another under Federal, State, or common law (See section 14411 et seq. Business and Professions Code) Publish: ES Mountain Views News

Dates Pub: Jan 21, 28, FEB 4, 11 2023

FICTITIOUS BUSINESS NAME STATEMENT FILE NO. 2023011717

The following person(s) is (are) doing business as: LUED.ONE 12133 BURBANK BLVD APT 10 VALLEY VILLAGE, CA. 91607. LOS ANGELES COUNTY. Full name of registrant(s) is (are) LUDWING R CUEVAS. 12133 BURBANK BLVD APT 10 VALLEY VILLAGE, CA. 91607. This Business is conducted by: AN INDIVIDUAL. Signed: LUDWING R CUEVAS, OWNER. This statement was filed with the County Clerk of Los Angeles County on 01/18/2023. The registrant(s) has (have) commenced to transact business under the fictitious business name or names listed above on 01/2023. NOTICE- This Fictitious Name Statement expires five years from the date it was filed in the office of the County Clerk. A new Fictitious Business Name Statement must be filed prior to that date. The filing of this statement does not of itself authorize the use in this state of a Fictitious Business Name in violation of the rights of another under Federal, State, or common law (See section 14411 et seq. Business and Professions Code) Publish: ES Mountain Views News

Dates Pub: Jan 21, 28, FEB 4, 11 2023

FICTITIOUS BUSINESS NAME STATEMENT FILE NO. 2023011719

The following person(s) is (are) doing business as: BEAUTIFUL STRUGGLE. 2610 W VERDUGO AVE BURBANK, CA. 91505. LOS ANGELES COUNTY. Full name of registrant(s) is (are) LAWRENCE K MWAURA. 2610 W VERDUGO AVE BURBANK, CA. 91505. This Business is conducted by: AN INDIVIDUAL. Signed: LAWRENCE K MWAURA, OWNER. This statement was filed with the County Clerk of Los Angeles County on 01/18/2023. The registrant(s) has (have) commenced to transact business under the fictitious business name or names listed above on 01/2023. NOTICE- This Fictitious Name Statement expires five years from the date it was filed in the office of the County Clerk. A new Fictitious Business Name Statement must be filed prior to that date.

Mountain Views News 80 W Sierra Madre Blvd. No. 327 Sierra Madre, Ca. 91024 Office: 626.355.2737 Fax: 626.609.3285 Email: editor@mtnviewsnews.com Website: www.mtnviewsnews.com
